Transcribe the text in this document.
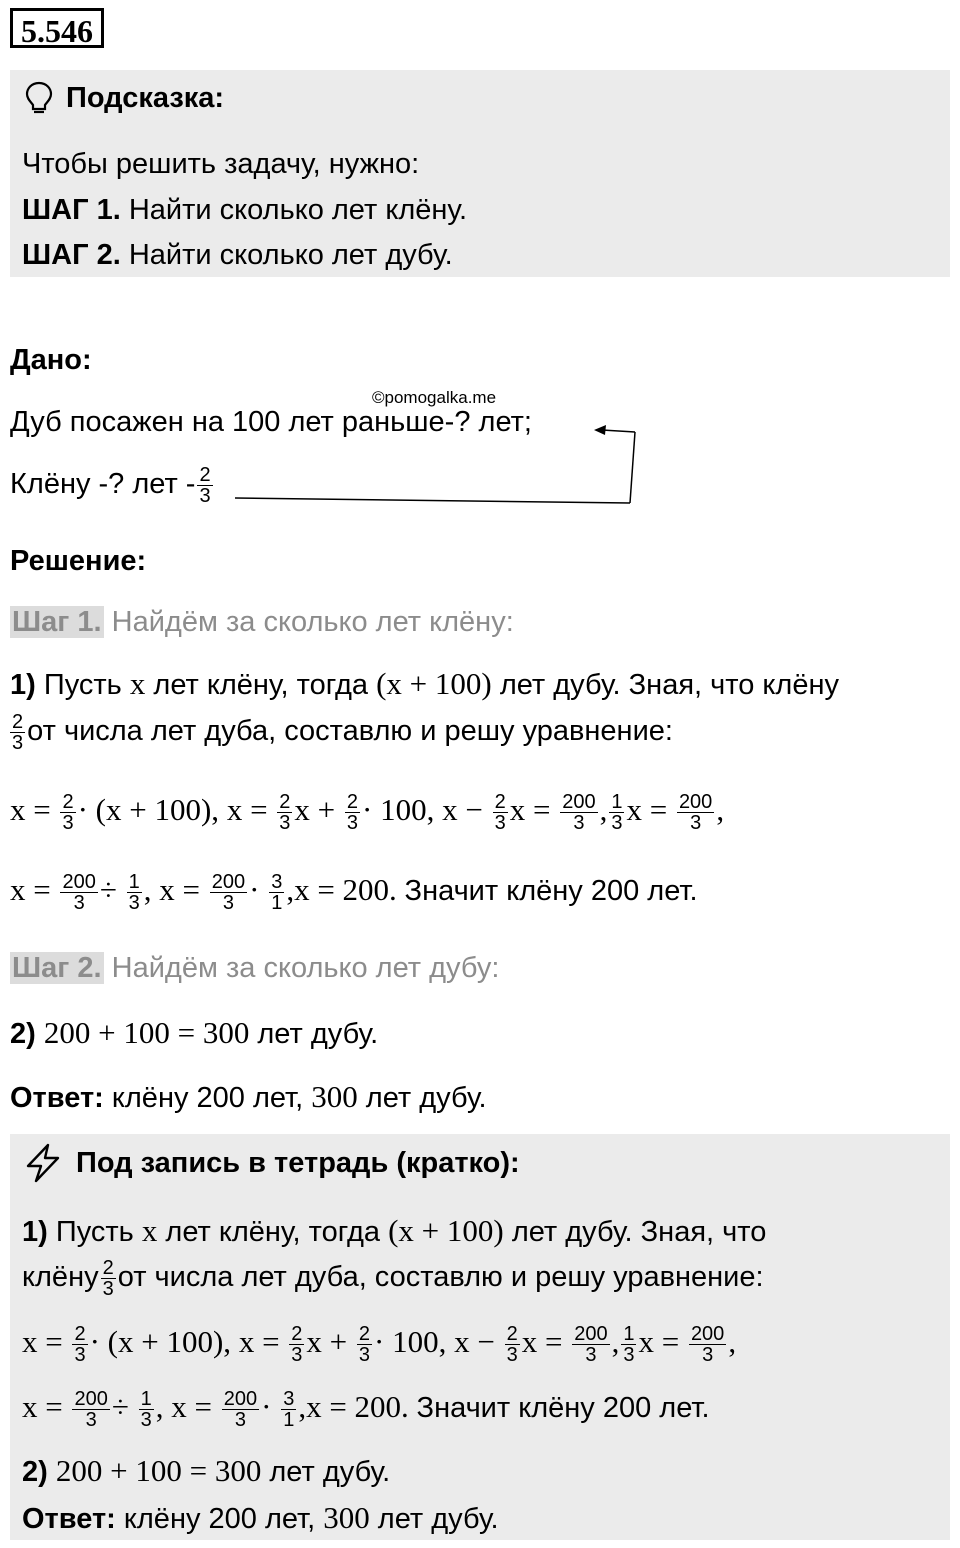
5.546
Подсказка:
Чтобы решить задачу, нужно:
ШАГ 1. Найти сколько лет клёну.
ШАГ 2. Найти сколько лет дубу.
Дано:
©pomogalka.me
Дуб посажен на 100 лет раньше-? лет;
Клёну -? лет - $\frac{2}{3}$
Решение:
Шаг 1. Найдём за сколько лет клёну:
1) Пусть x лет клёну, тогда (x + 100) лет дубу. Зная, что клёну
$\frac{2}{3}$ от числа лет дуба, составлю и решу уравнение:
$x = \frac{2}{3} \cdot (x + 100)$, $x = \frac{2}{3}$ $x + \frac{2}{3} \cdot 100$, $x - \frac{2}{3}$ $x = \frac{200}{3}$ , $\frac{1}{3}$ $x = \frac{200}{3}$ ,
$x = \frac{200}{3} \div \frac{1}{3}$ , $x = \frac{200}{3} \cdot \frac{3}{1} ,x = 200$. Значит клёну 200 лет.
Шаг 2. Найдём за сколько лет дубу:
2) 200 + 100 = 300 лет дубу.
Ответ: клёну 200 лет, 300 лет дубу.
Под запись в тетрадь (кратко):
1) Пусть x лет клёну, тогда (x + 100) лет дубу. Зная, что
клёну $\frac{2}{3}$ от числа лет дуба, составлю и решу уравнение:
$x = \frac{2}{3} \cdot (x + 100)$, $x = \frac{2}{3}$ $x + \frac{2}{3} \cdot 100$, $x - \frac{2}{3}$ $x = \frac{200}{3}$ , $\frac{1}{3}$ $x = \frac{200}{3}$ ,
$x = \frac{200}{3} \div \frac{1}{3}$ , $x = \frac{200}{3} \cdot \frac{3}{1} ,x = 200$. Значит клёну 200 лет.
2) 200 + 100 = 300 лет дубу.
Ответ: клёну 200 лет, 300 лет дубу.
